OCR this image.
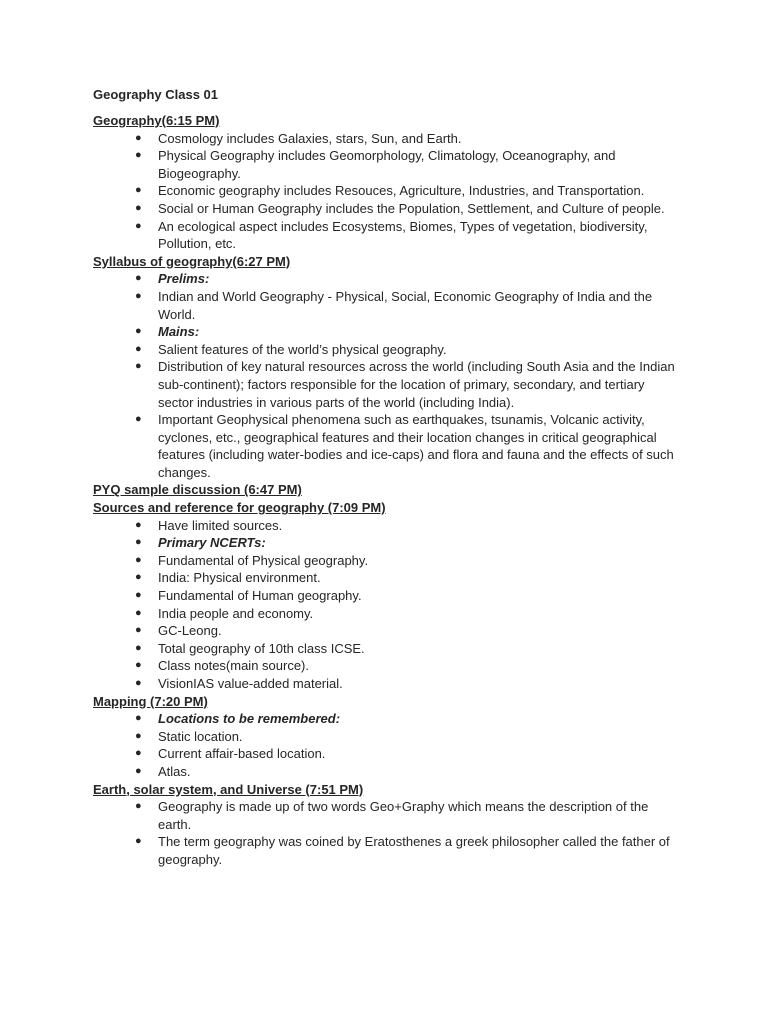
Geography Class 01
Geography(6:15 PM)
● Cosmology includes Galaxies, stars, Sun, and Earth.
● Physical Geography includes Geomorphology, Climatology, Oceanography, and Biogeography.
● Economic geography includes Resouces, Agriculture, Industries, and Transportation.
● Social or Human Geography includes the Population, Settlement, and Culture of people.
● An ecological aspect includes Ecosystems, Biomes, Types of vegetation, biodiversity, Pollution, etc.
Syllabus of geography(6:27 PM)
● Prelims:
● Indian and World Geography - Physical, Social, Economic Geography of India and the World.
● Mains:
● Salient features of the world’s physical geography.
● Distribution of key natural resources across the world (including South Asia and the Indian sub-continent); factors responsible for the location of primary, secondary, and tertiary sector industries in various parts of the world (including India).
● Important Geophysical phenomena such as earthquakes, tsunamis, Volcanic activity, cyclones, etc., geographical features and their location changes in critical geographical features (including water-bodies and ice-caps) and flora and fauna and the effects of such changes.
PYQ sample discussion (6:47 PM)
Sources and reference for geography (7:09 PM)
● Have limited sources.
● Primary NCERTs:
● Fundamental of Physical geography.
● India: Physical environment.
● Fundamental of Human geography.
● India people and economy.
● GC-Leong.
● Total geography of 10th class ICSE.
● Class notes(main source).
● VisionIAS value-added material.
Mapping (7:20 PM)
● Locations to be remembered:
● Static location.
● Current affair-based location.
● Atlas.
Earth, solar system, and Universe (7:51 PM)
● Geography is made up of two words Geo+Graphy which means the description of the earth.
● The term geography was coined by Eratosthenes a greek philosopher called the father of geography.
